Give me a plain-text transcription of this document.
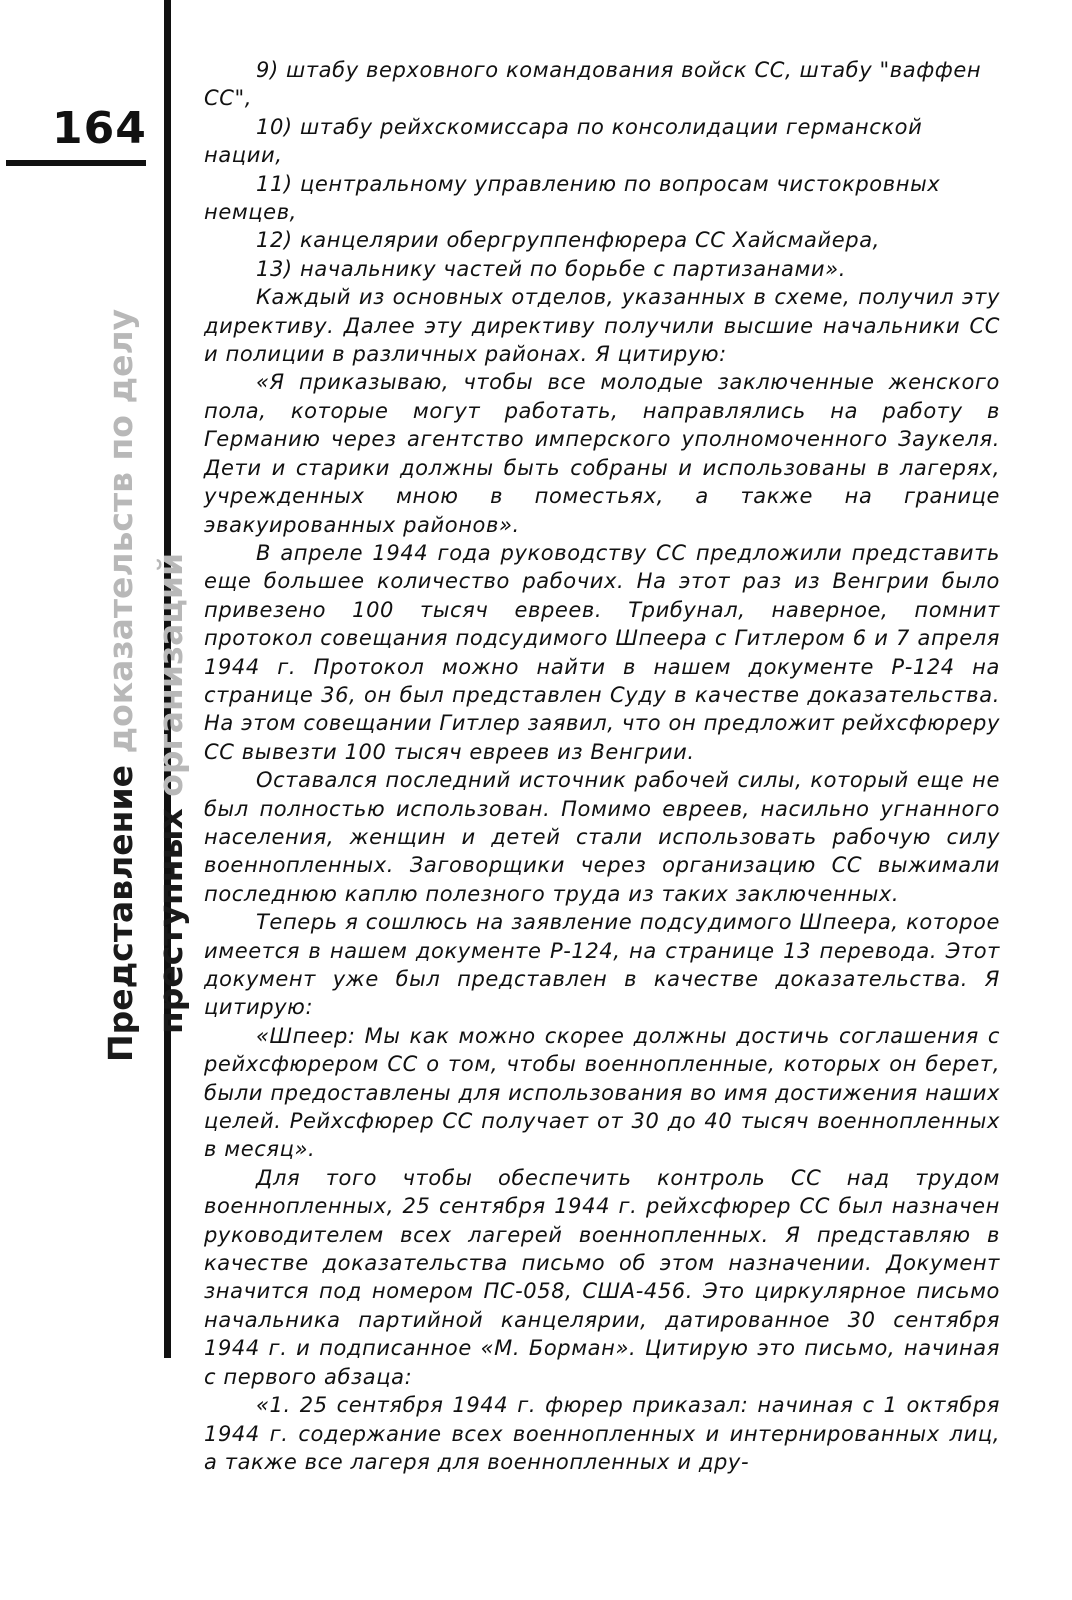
164
Представление доказательств по делу
преступных организаций

9) штабу верховного командования войск СС, штабу "ваффен СС",

10) штабу рейхскомиссара по консолидации германской нации,

11) центральному управлению по вопросам чистокровных немцев,

12) канцелярии обергруппенфюрера СС Хайсмайера,

13) начальнику частей по борьбе с партизанами».

Каждый из основных отделов, указанных в схеме, получил эту директиву. Далее эту директиву получили высшие начальники СС и полиции в различных районах. Я цитирую:

«Я приказываю, чтобы все молодые заключенные женского пола, которые могут работать, направлялись на работу в Германию через агентство имперского уполномоченного Заукеля. Дети и старики должны быть собраны и использованы в лагерях, учрежденных мною в поместьях, а также на границе эвакуированных районов».

В апреле 1944 года руководству СС предложили представить еще большее количество рабочих. На этот раз из Венгрии было привезено 100 тысяч евреев. Трибунал, наверное, помнит протокол совещания подсудимого Шпеера с Гитлером 6 и 7 апреля 1944 г. Протокол можно найти в нашем документе Р-124 на странице 36, он был представлен Суду в качестве доказательства. На этом совещании Гитлер заявил, что он предложит рейхсфюреру СС вывезти 100 тысяч евреев из Венгрии.

Оставался последний источник рабочей силы, который еще не был полностью использован. Помимо евреев, насильно угнанного населения, женщин и детей стали использовать рабочую силу военнопленных. Заговорщики через организацию СС выжимали последнюю каплю полезного труда из таких заключенных.

Теперь я сошлюсь на заявление подсудимого Шпеера, которое имеется в нашем документе Р-124, на странице 13 перевода. Этот документ уже был представлен в качестве доказательства. Я цитирую:

«Шпеер: Мы как можно скорее должны достичь соглашения с рейхсфюрером СС о том, чтобы военнопленные, которых он берет, были предоставлены для использования во имя достижения наших целей. Рейхсфюрер СС получает от 30 до 40 тысяч военнопленных в месяц».

Для того чтобы обеспечить контроль СС над трудом военнопленных, 25 сентября 1944 г. рейхсфюрер СС был назначен руководителем всех лагерей военнопленных. Я представляю в качестве доказательства письмо об этом назначении. Документ значится под номером ПС-058, США-456. Это циркулярное письмо начальника партийной канцелярии, датированное 30 сентября 1944 г. и подписанное «М. Борман». Цитирую это письмо, начиная с первого абзаца:

«1. 25 сентября 1944 г. фюрер приказал: начиная с 1 октября 1944 г. содержание всех военнопленных и интернированных лиц, а также все лагеря для военнопленных и дру-
